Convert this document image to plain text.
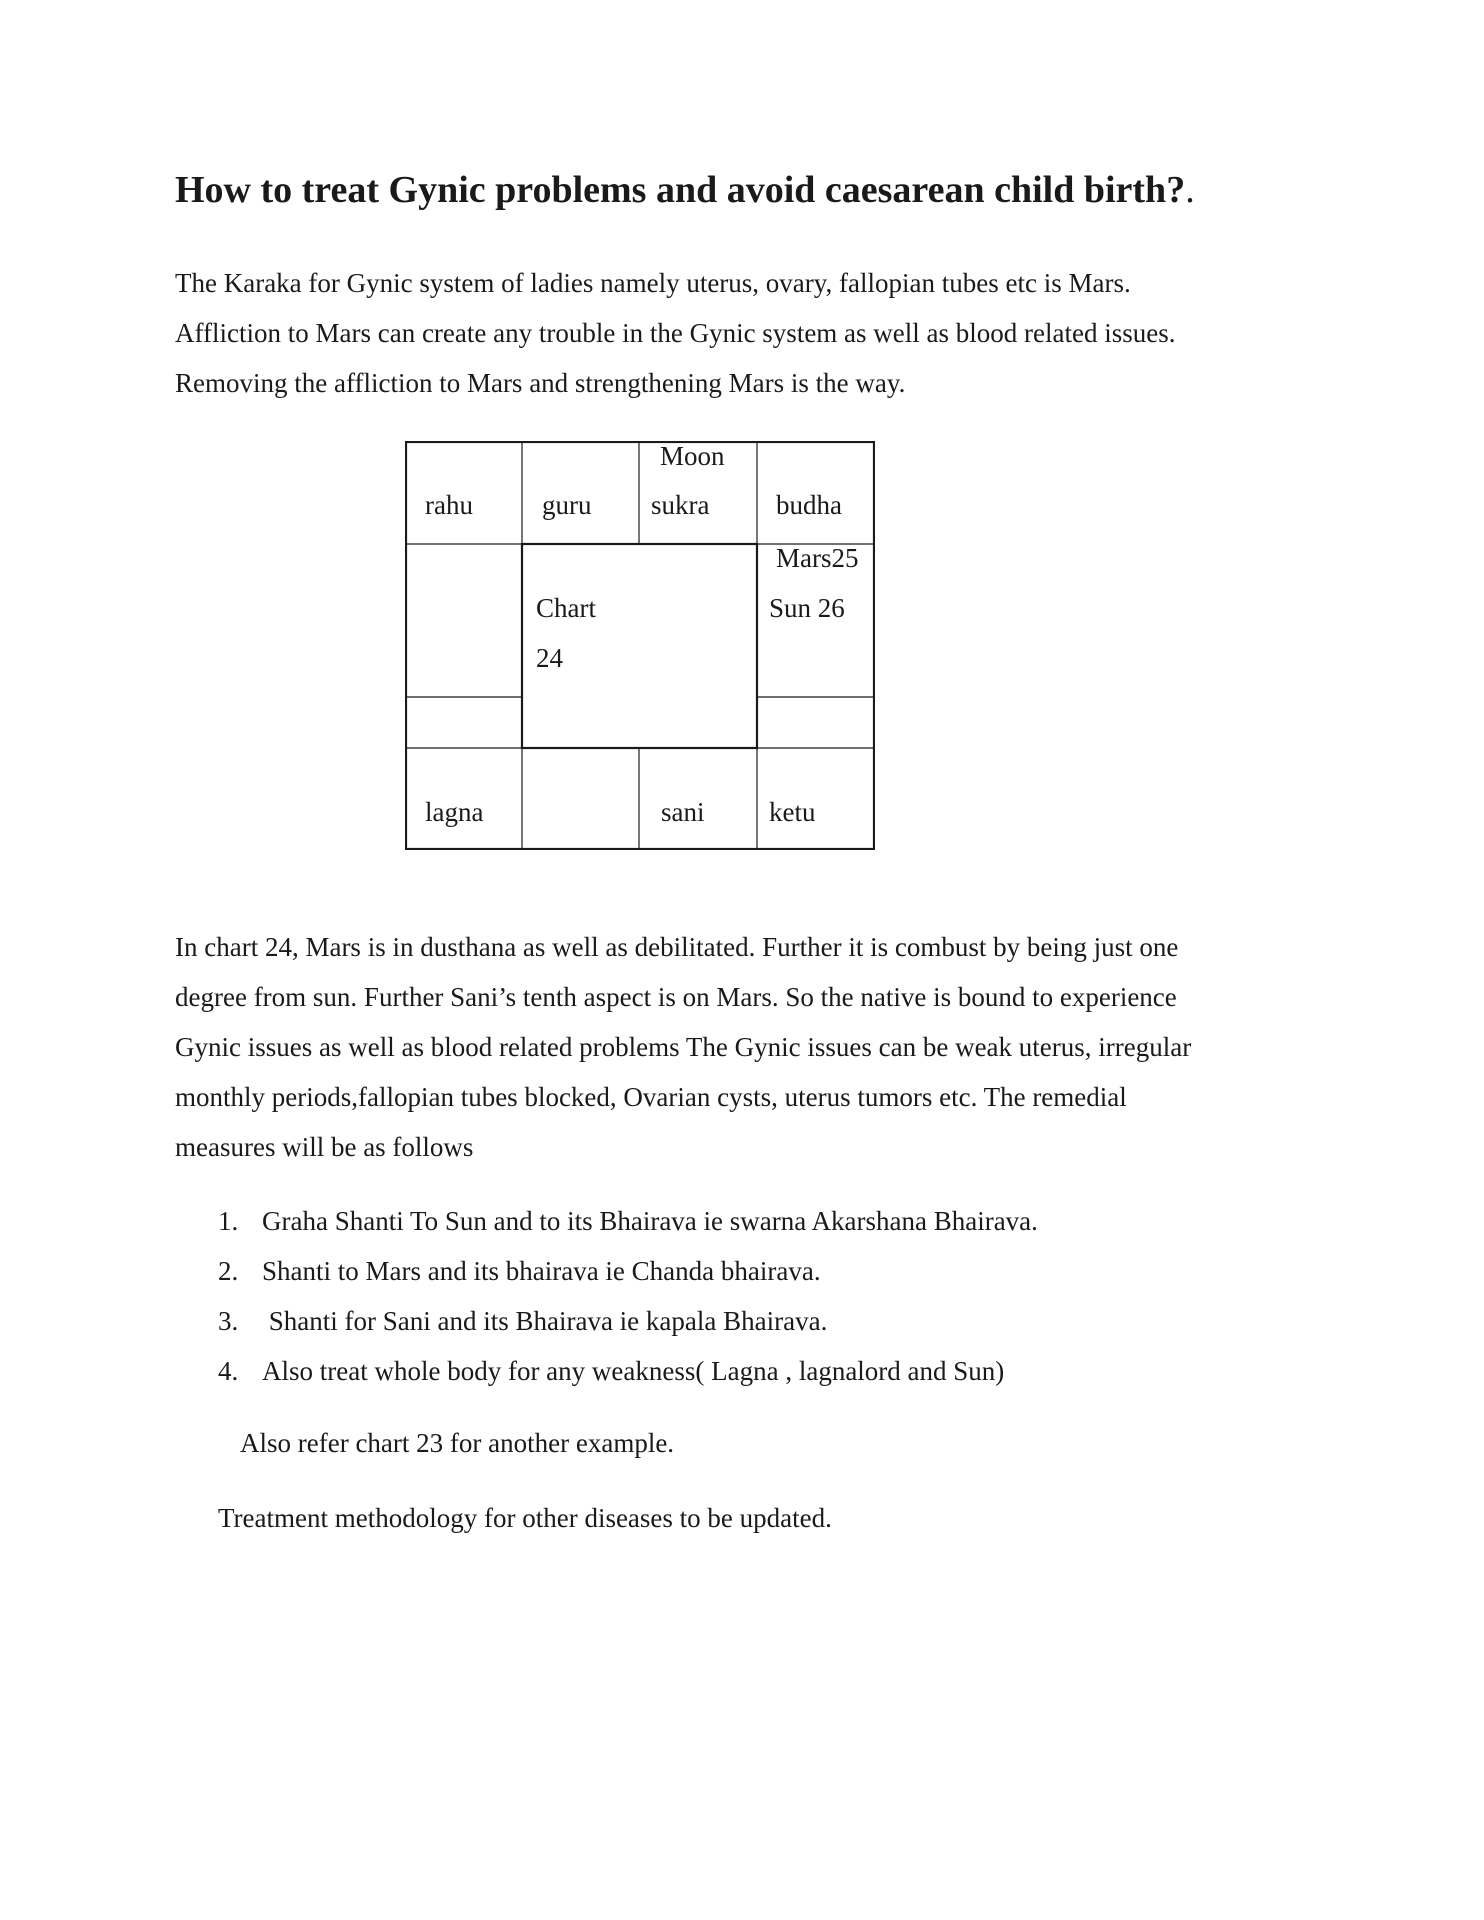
How to treat Gynic problems and avoid caesarean child birth?.
The Karaka for Gynic system of ladies namely uterus, ovary, fallopian tubes etc is Mars.
Affliction to Mars can create any trouble in the Gynic system as well as blood related issues.
Removing the affliction to Mars and strengthening Mars is the way.
rahu	guru
Moon
sukra budha
Mars25
Sun 26
Chart
24
lagna	sani ketu
In chart 24, Mars is in dusthana as well as debilitated. Further it is combust by being just one
degree from sun. Further Sani’s tenth aspect is on Mars. So the native is bound to experience
Gynic issues as well as blood related problems The Gynic issues can be weak uterus, irregular
monthly periods,fallopian tubes blocked, Ovarian cysts, uterus tumors etc. The remedial
measures will be as follows
1. Graha Shanti To Sun and to its Bhairava ie swarna Akarshana Bhairava.
2. Shanti to Mars and its bhairava ie Chanda bhairava.
3. Shanti for Sani and its Bhairava ie kapala Bhairava.
4. Also treat whole body for any weakness( Lagna , lagnalord and Sun)

Also refer chart 23 for another example.

Treatment methodology for other diseases to be updated.
